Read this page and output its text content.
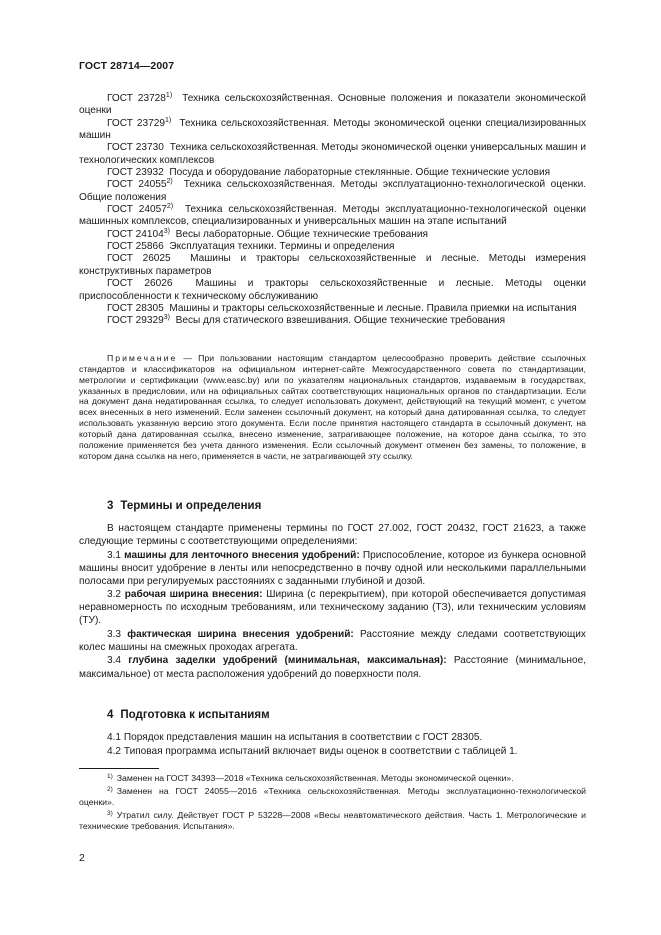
ГОСТ 28714—2007

ГОСТ 23728$^{1)}$ Техника сельскохозяйственная. Основные положения и показатели экономической оценки

ГОСТ 23729$^{1)}$ Техника сельскохозяйственная. Методы экономической оценки специализированных машин

ГОСТ 23730 Техника сельскохозяйственная. Методы экономической оценки универсальных машин и технологических комплексов

ГОСТ 23932 Посуда и оборудование лабораторные стеклянные. Общие технические условия

ГОСТ 24055$^{2)}$ Техника сельскохозяйственная. Методы эксплуатационно-технологической оценки. Общие положения

ГОСТ 24057$^{2)}$ Техника сельскохозяйственная. Методы эксплуатационно-технологической оценки машинных комплексов, специализированных и универсальных машин на этапе испытаний

ГОСТ 24104$^{3)}$ Весы лабораторные. Общие технические требования

ГОСТ 25866 Эксплуатация техники. Термины и определения

ГОСТ 26025 Машины и тракторы сельскохозяйственные и лесные. Методы измерения конструктивных параметров

ГОСТ 26026 Машины и тракторы сельскохозяйственные и лесные. Методы оценки приспособленности к техническому обслуживанию

ГОСТ 28305 Машины и тракторы сельскохозяйственные и лесные. Правила приемки на испытания

ГОСТ 29329$^{3)}$ Весы для статического взвешивания. Общие технические требования

Примечание — При пользовании настоящим стандартом целесообразно проверить действие ссылочных стандартов и классификаторов на официальном интернет-сайте Межгосударственного совета по стандартизации, метрологии и сертификации (www.easc.by) или по указателям национальных стандартов, издаваемым в государствах, указанных в предисловии, или на официальных сайтах соответствующих национальных органов по стандартизации. Если на документ дана недатированная ссылка, то следует использовать документ, действующий на текущий момент, с учетом всех внесенных в него изменений. Если заменен ссылочный документ, на который дана датированная ссылка, то следует использовать указанную версию этого документа. Если после принятия настоящего стандарта в ссылочный документ, на который дана датированная ссылка, внесено изменение, затрагивающее положение, на которое дана ссылка, то это положение применяется без учета данного изменения. Если ссылочный документ отменен без замены, то положение, в котором дана ссылка на него, применяется в части, не затрагивающей эту ссылку.

3 Термины и определения

В настоящем стандарте применены термины по ГОСТ 27.002, ГОСТ 20432, ГОСТ 21623, а также следующие термины с соответствующими определениями:

3.1 машины для ленточного внесения удобрений: Приспособление, которое из бункера основной машины вносит удобрение в ленты или непосредственно в почву одной или несколькими параллельными полосами при регулируемых расстояниях с заданными глубиной и дозой.

3.2 рабочая ширина внесения: Ширина (с перекрытием), при которой обеспечивается допустимая неравномерность по исходным требованиям, или техническому заданию (ТЗ), или техническим условиям (ТУ).

3.3 фактическая ширина внесения удобрений: Расстояние между следами соответствующих колес машины на смежных проходах агрегата.

3.4 глубина заделки удобрений (минимальная, максимальная): Расстояние (минимальное, максимальное) от места расположения удобрений до поверхности поля.

4 Подготовка к испытаниям

4.1 Порядок представления машин на испытания в соответствии с ГОСТ 28305.

4.2 Типовая программа испытаний включает виды оценок в соответствии с таблицей 1.

$^{1)}$ Заменен на ГОСТ 34393—2018 «Техника сельскохозяйственная. Методы экономической оценки».

$^{2)}$ Заменен на ГОСТ 24055—2016 «Техника сельскохозяйственная. Методы эксплуатационно-технологической оценки».

$^{3)}$ Утратил силу. Действует ГОСТ Р 53228—2008 «Весы неавтоматического действия. Часть 1. Метрологические и технические требования. Испытания».

2
